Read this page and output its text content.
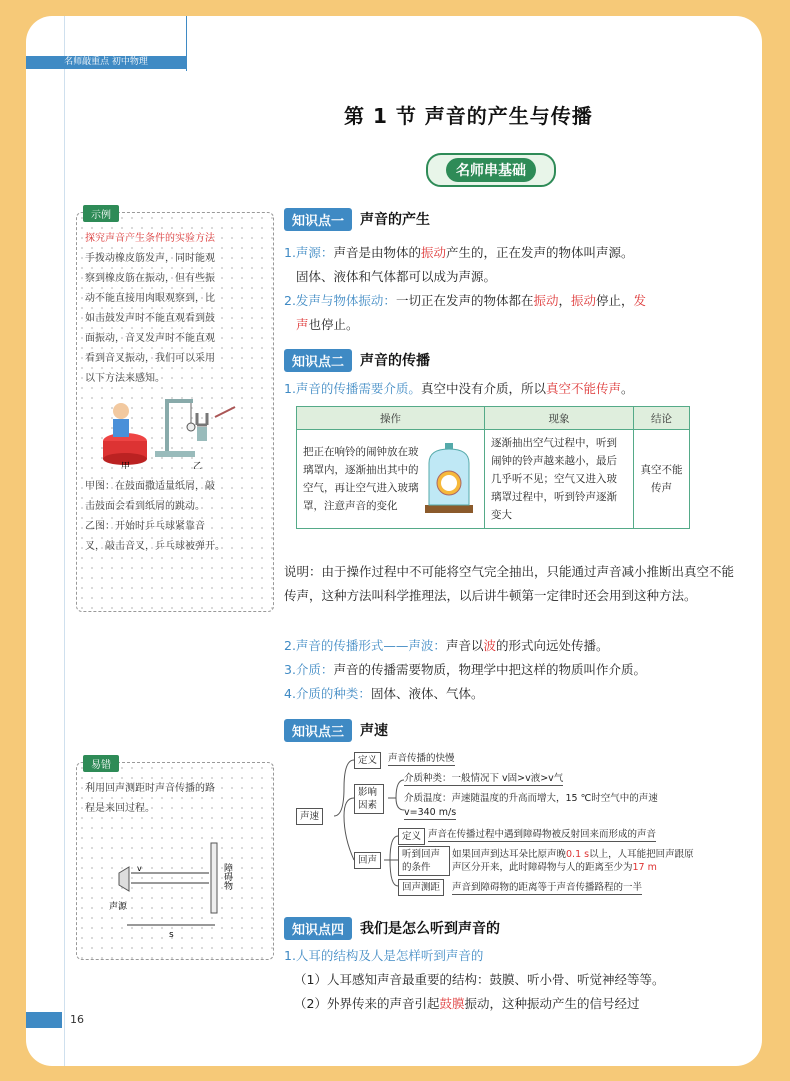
名师敲重点 初中物理
示例
探究声音产生条件的实验方法
手拨动橡皮筋发声，同时能观
察到橡皮筋在振动，但有些振
动不能直接用肉眼观察到，比
如击鼓发声时不能直观看到鼓
面振动，音叉发声时不能直观
看到音叉振动，我们可以采用
以下方法来感知。
甲	乙
甲图：在鼓面撒适量纸屑，敲
击鼓面会看到纸屑的跳动。
乙图：开始时乒乓球紧靠音
叉，敲击音叉，乒乓球被弹开。
易错
利用回声测距时声音传播的路
程是来回过程。
v
声源
s
障碍物
第 1 节 声音的产生与传播
名师串基础
知识点一	声音的产生
1.声源：声音是由物体的振动产生的，正在发声的物体叫声源。
固体、液体和气体都可以成为声源。
2.发声与物体振动：一切正在发声的物体都在振动，振动停止，发
声也停止。
知识点二	声音的传播
1.声音的传播需要介质。真空中没有介质，所以真空不能传声。
操作	现象	结论

把正在响铃的闹钟放在玻璃罩内，逐渐抽出其中的空气，再让空气进入玻璃罩，注意声音的变化	逐渐抽出空气过程中，听到闹钟的铃声越来越小，最后几乎听不见；空气又进入玻璃罩过程中，听到铃声逐渐变大	真空不能传声
说明：由于操作过程中不可能将空气完全抽出，只能通过声音减小推断出真空不能传声，这种方法叫科学推理法，以后讲牛顿第一定律时还会用到这种方法。
2.声音的传播形式——声波：声音以波的形式向远处传播。
3.介质：声音的传播需要物质，物理学中把这样的物质叫作介质。
4.介质的种类：固体、液体、气体。
知识点三	声速
声速
定义	声音传播的快慢
影响因素
介质种类：一般情况下 v固>v液>v气
介质温度：声速随温度的升高而增大，15 ℃时空气中的声速
v=340 m/s
回声
定义 声音在传播过程中遇到障碍物被反射回来而形成的声音
听到回声的条件
如果回声到达耳朵比原声晚0.1 s以上，人耳能把回声跟原声区分开来，此时障碍物与人的距离至少为17 m
回声测距	声音到障碍物的距离等于声音传播路程的一半
知识点四	我们是怎么听到声音的
1.人耳的结构及人是怎样听到声音的
（1）人耳感知声音最重要的结构：鼓膜、听小骨、听觉神经等等。
（2）外界传来的声音引起鼓膜振动，这种振动产生的信号经过
16
